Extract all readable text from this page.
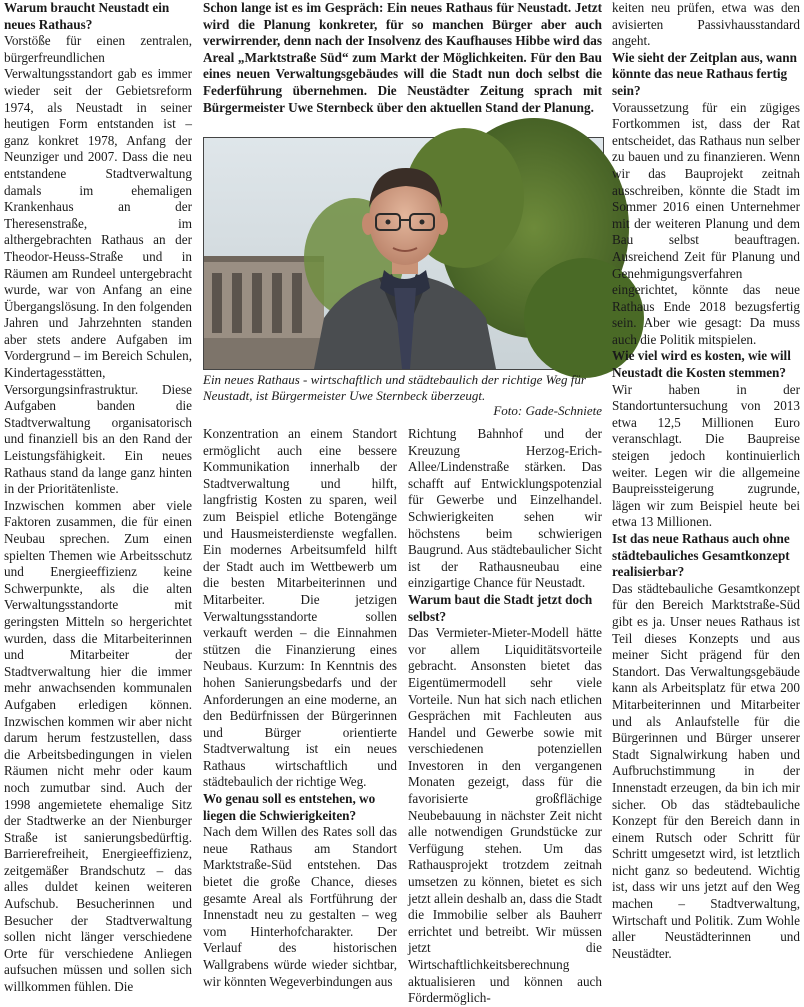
Warum braucht Neustadt ein neues Rathaus?

Vorstöße für einen zentralen, bürgerfreundlichen Verwaltungsstandort gab es immer wieder seit der Gebietsreform 1974, als Neustadt in seiner heutigen Form entstanden ist – ganz konkret 1978, Anfang der Neunziger und 2007. Dass die neu entstandene Stadtverwaltung damals im ehemaligen Krankenhaus an der Theresenstraße, im althergebrachten Rathaus an der Theodor-Heuss-Straße und in Räumen am Rundeel untergebracht wurde, war von Anfang an eine Übergangslösung. In den folgenden Jahren und Jahrzehnten standen aber stets andere Aufgaben im Vordergrund – im Bereich Schulen, Kindertagesstätten, Versorgungsinfrastruktur. Diese Aufgaben banden die Stadtverwaltung organisatorisch und finanziell bis an den Rand der Leistungsfähigkeit. Ein neues Rathaus stand da lange ganz hinten in der Prioritätenliste.

Inzwischen kommen aber viele Faktoren zusammen, die für einen Neubau sprechen. Zum einen spielten Themen wie Arbeitsschutz und Energieeffizienz keine Schwerpunkte, als die alten Verwaltungsstandorte mit geringsten Mitteln so hergerichtet wurden, dass die Mitarbeiterinnen und Mitarbeiter der Stadtverwaltung hier die immer mehr anwachsenden kommunalen Aufgaben erledigen können. Inzwischen kommen wir aber nicht darum herum festzustellen, dass die Arbeitsbedingungen in vielen Räumen nicht mehr oder kaum noch zumutbar sind. Auch der 1998 angemietete ehemalige Sitz der Stadtwerke an der Nienburger Straße ist sanierungsbedürftig. Barrierefreiheit, Energieeffizienz, zeitgemäßer Brandschutz – das alles duldet keinen weiteren Aufschub. Besucherinnen und Besucher der Stadtverwaltung sollen nicht länger verschiedene Orte für verschiedene Anliegen aufsuchen müssen und sollen sich willkommen fühlen. Die

Schon lange ist es im Gespräch: Ein neues Rathaus für Neustadt. Jetzt wird die Planung konkreter, für so manchen Bürger aber auch verwirrender, denn nach der Insolvenz des Kaufhauses Hibbe wird das Areal „Marktstraße Süd“ zum Markt der Möglichkeiten. Für den Bau eines neuen Verwaltungsgebäudes will die Stadt nun doch selbst die Federführung übernehmen. Die Neustädter Zeitung sprach mit Bürgermeister Uwe Sternbeck über den aktuellen Stand der Planung.
Ein neues Rathaus - wirtschaftlich und städtebaulich der richtige Weg für Neustadt, ist Bürgermeister Uwe Sternbeck überzeugt.
Foto: Gade-Schniete

Konzentration an einem Standort ermöglicht auch eine bessere Kommunikation innerhalb der Stadtverwaltung und hilft, langfristig Kosten zu sparen, weil zum Beispiel etliche Botengänge und Hausmeisterdienste wegfallen. Ein modernes Arbeitsumfeld hilft der Stadt auch im Wettbewerb um die besten Mitarbeiterinnen und Mitarbeiter. Die jetzigen Verwaltungsstandorte sollen verkauft werden – die Einnahmen stützen die Finanzierung eines Neubaus. Kurzum: In Kenntnis des hohen Sanierungsbedarfs und der Anforderungen an eine moderne, an den Bedürfnissen der Bürgerinnen und Bürger orientierte Stadtverwaltung ist ein neues Rathaus wirtschaftlich und städtebaulich der richtige Weg.

Wo genau soll es entstehen, wo liegen die Schwierigkeiten?

Nach dem Willen des Rates soll das neue Rathaus am Standort Marktstraße-Süd entstehen. Das bietet die große Chance, dieses gesamte Areal als Fortführung der Innenstadt neu zu gestalten – weg vom Hinterhofcharakter. Der Verlauf des historischen Wallgrabens würde wieder sichtbar, wir könnten Wegeverbindungen aus

Richtung Bahnhof und der Kreuzung Herzog-Erich-Allee/Lindenstraße stärken. Das schafft auf Entwicklungspotenzial für Gewerbe und Einzelhandel. Schwierigkeiten sehen wir höchstens beim schwierigen Baugrund. Aus städtebaulicher Sicht ist der Rathausneubau eine einzigartige Chance für Neustadt.

Warum baut die Stadt jetzt doch selbst?

Das Vermieter-Mieter-Modell hätte vor allem Liquiditätsvorteile gebracht. Ansonsten bietet das Eigentümermodell sehr viele Vorteile. Nun hat sich nach etlichen Gesprächen mit Fachleuten aus Handel und Gewerbe sowie mit verschiedenen potenziellen Investoren in den vergangenen Monaten gezeigt, dass für die favorisierte großflächige Neubebauung in nächster Zeit nicht alle notwendigen Grundstücke zur Verfügung stehen. Um das Rathausprojekt trotzdem zeitnah umsetzen zu können, bietet es sich jetzt allein deshalb an, dass die Stadt die Immobilie selber als Bauherr errichtet und betreibt. Wir müssen jetzt die Wirtschaftlichkeitsberechnung aktualisieren und können auch Fördermöglich-

keiten neu prüfen, etwa was den avisierten Passivhausstandard angeht.

Wie sieht der Zeitplan aus, wann könnte das neue Rathaus fertig sein?

Voraussetzung für ein zügiges Fortkommen ist, dass der Rat entscheidet, das Rathaus nun selber zu bauen und zu finanzieren. Wenn wir das Bauprojekt zeitnah ausschreiben, könnte die Stadt im Sommer 2016 einen Unternehmer mit der weiteren Planung und dem Bau selbst beauftragen. Ausreichend Zeit für Planung und Genehmigungsverfahren eingerichtet, könnte das neue Rathaus Ende 2018 bezugsfertig sein. Aber wie gesagt: Da muss auch die Politik mitspielen.

Wie viel wird es kosten, wie will Neustadt die Kosten stemmen?

Wir haben in der Standortuntersuchung von 2013 etwa 12,5 Millionen Euro veranschlagt. Die Baupreise steigen jedoch kontinuierlich weiter. Legen wir die allgemeine Baupreissteigerung zugrunde, lägen wir zum Beispiel heute bei etwa 13 Millionen.

Ist das neue Rathaus auch ohne städtebauliches Gesamtkonzept realisierbar?

Das städtebauliche Gesamtkonzept für den Bereich Marktstraße-Süd gibt es ja. Unser neues Rathaus ist Teil dieses Konzepts und aus meiner Sicht prägend für den Standort. Das Verwaltungsgebäude kann als Arbeitsplatz für etwa 200 Mitarbeiterinnen und Mitarbeiter und als Anlaufstelle für die Bürgerinnen und Bürger unserer Stadt Signalwirkung haben und Aufbruchstimmung in der Innenstadt erzeugen, da bin ich mir sicher. Ob das städtebauliche Konzept für den Bereich dann in einem Rutsch oder Schritt für Schritt umgesetzt wird, ist letztlich nicht ganz so bedeutend. Wichtig ist, dass wir uns jetzt auf den Weg machen – Stadtverwaltung, Wirtschaft und Politik. Zum Wohle aller Neustädterinnen und Neustädter.
